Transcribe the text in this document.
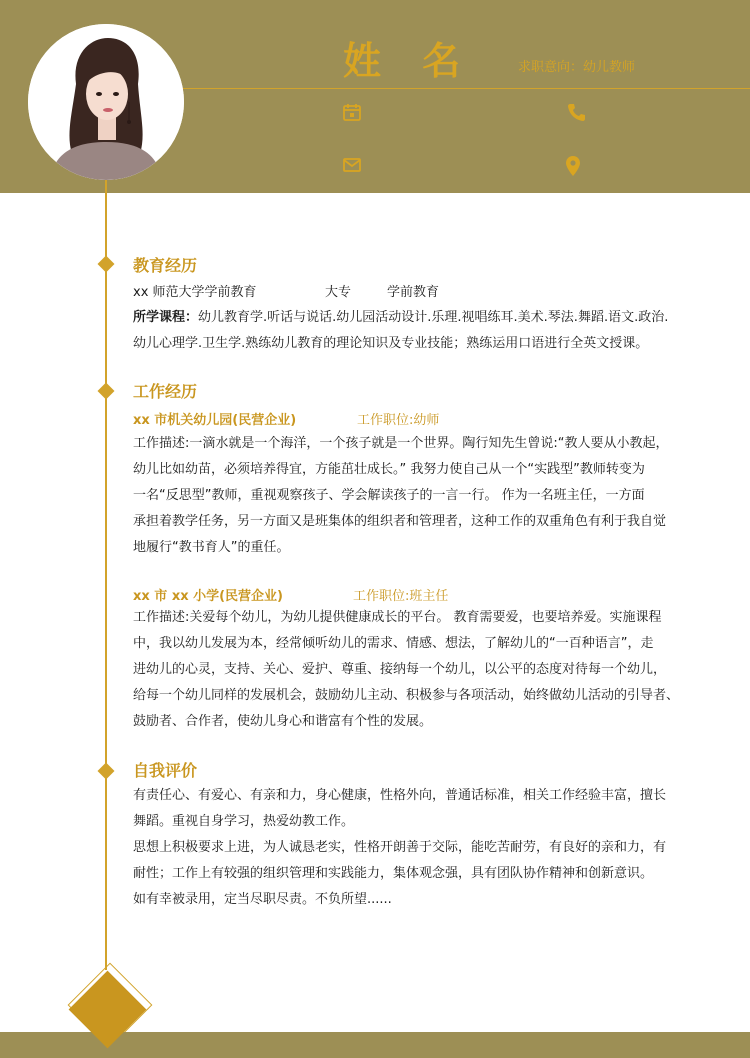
姓 名	求职意向：幼儿教师
教育经历
xx 师范大学学前教育	大专	学前教育
所学课程：幼儿教育学.听话与说话.幼儿园活动设计.乐理.视唱练耳.美术.琴法.舞蹈.语文.政治.
幼儿心理学.卫生学.熟练幼儿教育的理论知识及专业技能；熟练运用口语进行全英文授课。
工作经历
xx 市机关幼儿园(民营企业)	工作职位:幼师
工作描述:一滴水就是一个海洋，一个孩子就是一个世界。陶行知先生曾说:“教人要从小教起，
幼儿比如幼苗，必须培养得宜，方能茁壮成长。” 我努力使自己从一个“实践型”教师转变为
一名“反思型”教师，重视观察孩子、学会解读孩子的一言一行。 作为一名班主任，一方面
承担着教学任务，另一方面又是班集体的组织者和管理者，这种工作的双重角色有利于我自觉
地履行“教书育人”的重任。
xx 市 xx 小学(民营企业)	工作职位:班主任
工作描述:关爱每个幼儿，为幼儿提供健康成长的平台。 教育需要爱，也要培养爱。实施课程
中，我以幼儿发展为本，经常倾听幼儿的需求、情感、想法，了解幼儿的“一百种语言”，走
进幼儿的心灵，支持、关心、爱护、尊重、接纳每一个幼儿，以公平的态度对待每一个幼儿，
给每一个幼儿同样的发展机会，鼓励幼儿主动、积极参与各项活动，始终做幼儿活动的引导者、
鼓励者、合作者，使幼儿身心和谐富有个性的发展。
自我评价
有责任心、有爱心、有亲和力，身心健康，性格外向，普通话标准，相关工作经验丰富，擅长
舞蹈。重视自身学习，热爱幼教工作。
思想上积极要求上进，为人诚恳老实，性格开朗善于交际，能吃苦耐劳，有良好的亲和力，有
耐性；工作上有较强的组织管理和实践能力，集体观念强，具有团队协作精神和创新意识。
如有幸被录用，定当尽职尽责。不负所望......
